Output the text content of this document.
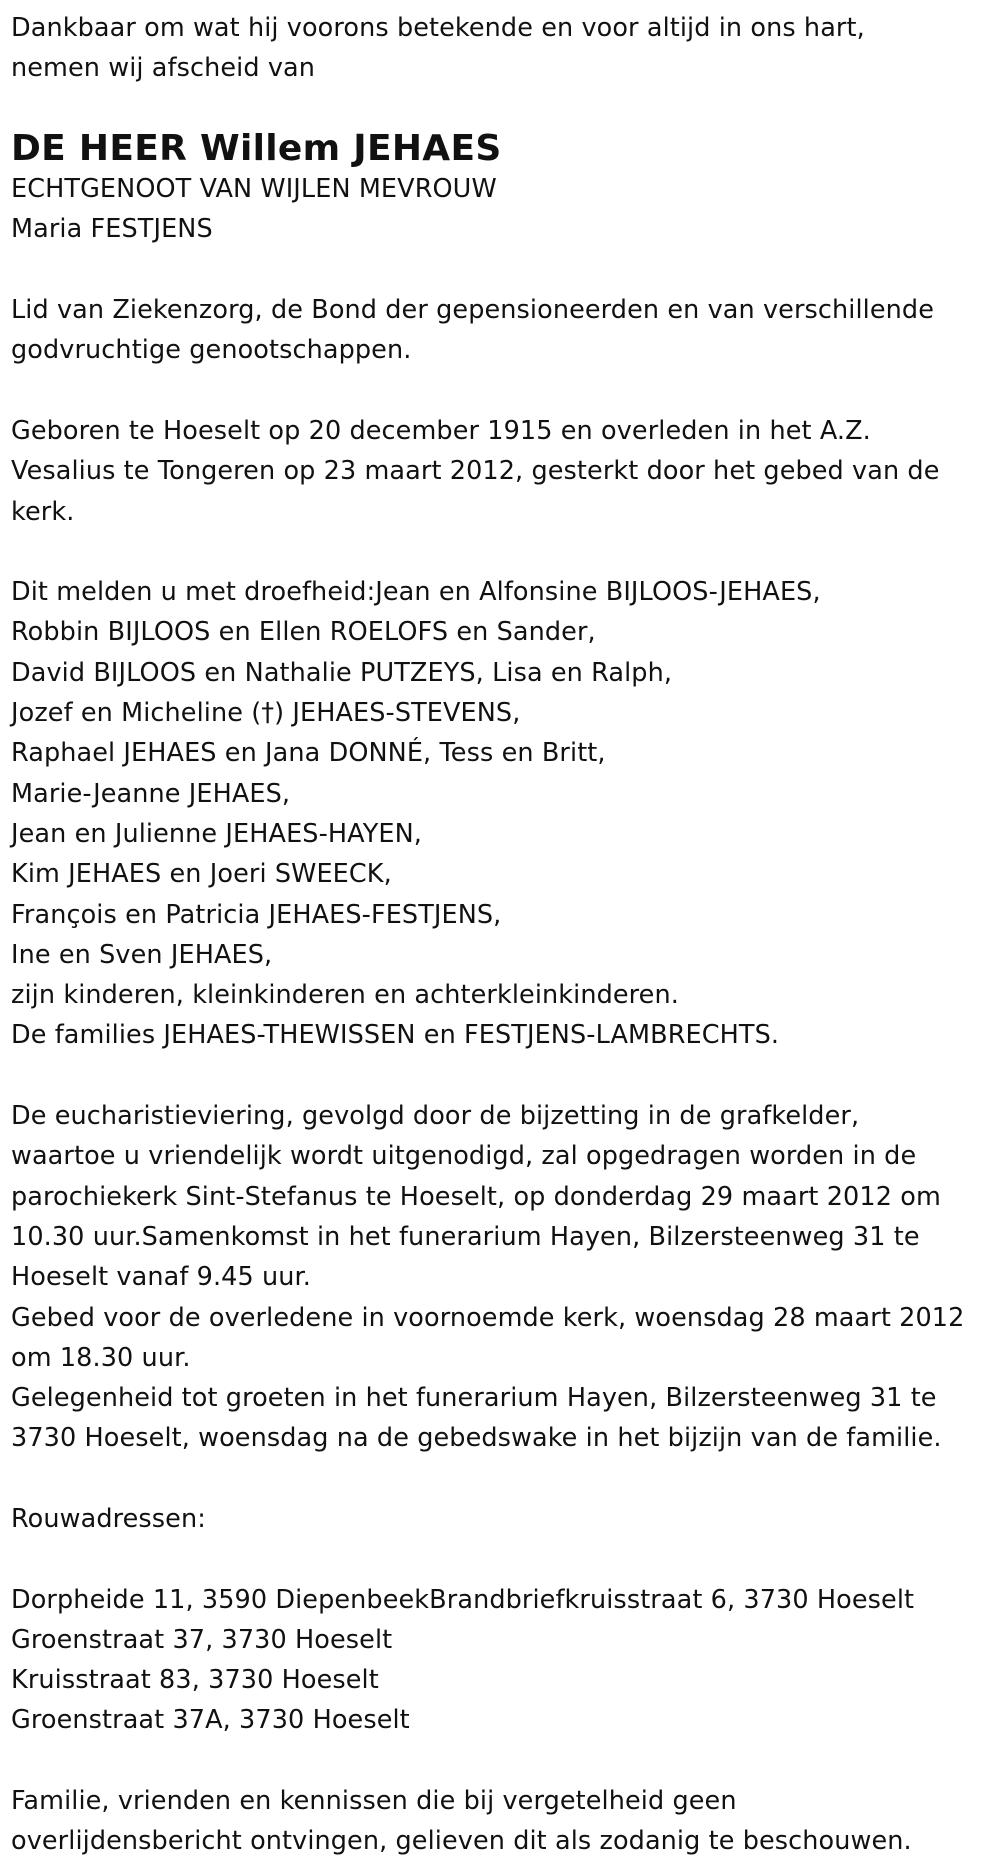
Dankbaar om wat hij voorons betekende en voor altijd in ons hart,
nemen wij afscheid van
DE HEER Willem JEHAES
ECHTGENOOT VAN WIJLEN MEVROUW
Maria FESTJENS
Lid van Ziekenzorg, de Bond der gepensioneerden en van verschillende
godvruchtige genootschappen.
Geboren te Hoeselt op 20 december 1915 en overleden in het A.Z.
Vesalius te Tongeren op 23 maart 2012, gesterkt door het gebed van de
kerk.
Dit melden u met droefheid:Jean en Alfonsine BIJLOOS-JEHAES,
Robbin BIJLOOS en Ellen ROELOFS en Sander,
David BIJLOOS en Nathalie PUTZEYS, Lisa en Ralph,
Jozef en Micheline (†) JEHAES-STEVENS,
Raphael JEHAES en Jana DONNÉ, Tess en Britt,
Marie-Jeanne JEHAES,
Jean en Julienne JEHAES-HAYEN,
Kim JEHAES en Joeri SWEECK,
François en Patricia JEHAES-FESTJENS,
Ine en Sven JEHAES,
zijn kinderen, kleinkinderen en achterkleinkinderen.
De families JEHAES-THEWISSEN en FESTJENS-LAMBRECHTS.
De eucharistieviering, gevolgd door de bijzetting in de grafkelder,
waartoe u vriendelijk wordt uitgenodigd, zal opgedragen worden in de
parochiekerk Sint-Stefanus te Hoeselt, op donderdag 29 maart 2012 om
10.30 uur.Samenkomst in het funerarium Hayen, Bilzersteenweg 31 te
Hoeselt vanaf 9.45 uur.
Gebed voor de overledene in voornoemde kerk, woensdag 28 maart 2012
om 18.30 uur.
Gelegenheid tot groeten in het funerarium Hayen, Bilzersteenweg 31 te
3730 Hoeselt, woensdag na de gebedswake in het bijzijn van de familie.
Rouwadressen:
Dorpheide 11, 3590 DiepenbeekBrandbriefkruisstraat 6, 3730 Hoeselt
Groenstraat 37, 3730 Hoeselt
Kruisstraat 83, 3730 Hoeselt
Groenstraat 37A, 3730 Hoeselt
Familie, vrienden en kennissen die bij vergetelheid geen
overlijdensbericht ontvingen, gelieven dit als zodanig te beschouwen.
